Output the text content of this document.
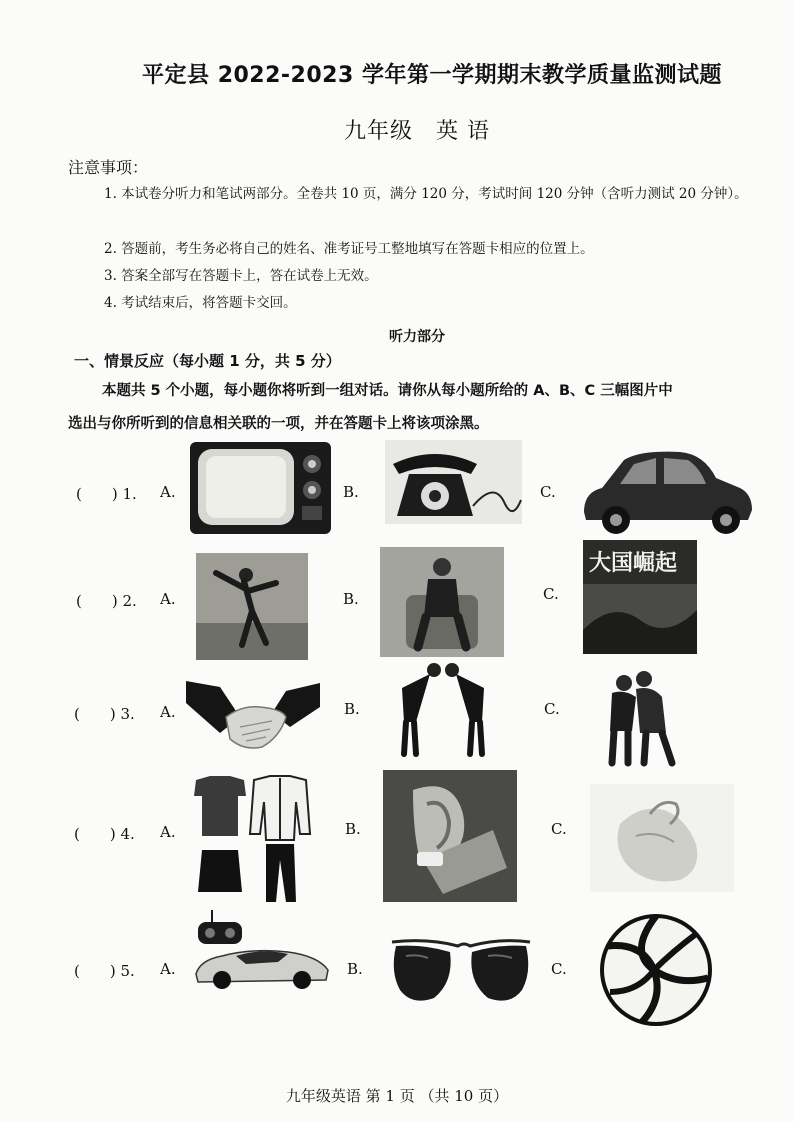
平定县 2022-2023 学年第一学期期末教学质量监测试题
九年级　英 语
注意事项：
1. 本试卷分听力和笔试两部分。全卷共 10 页，满分 120 分，考试时间 120 分钟（含听力测试 20 分钟）。
2. 答题前，考生务必将自己的姓名、准考证号工整地填写在答题卡相应的位置上。
3. 答案全部写在答题卡上，答在试卷上无效。
4. 考试结束后，将答题卡交回。
听力部分
一、情景反应（每小题 1 分，共 5 分）
本题共 5 个小题，每小题你将听到一组对话。请你从每小题所给的 A、B、C 三幅图片中
选出与你所听到的信息相关联的一项，并在答题卡上将该项涂黑。
(　　) 1. A.	B.	C.
(　　) 2. A.	B.	C.
大国崛起
(　　) 3. A.	B.	C.
(　　) 4. A.	B.	C.
(　　) 5. A.	B.	C.
九年级英语 第 1 页 （共 10 页）
